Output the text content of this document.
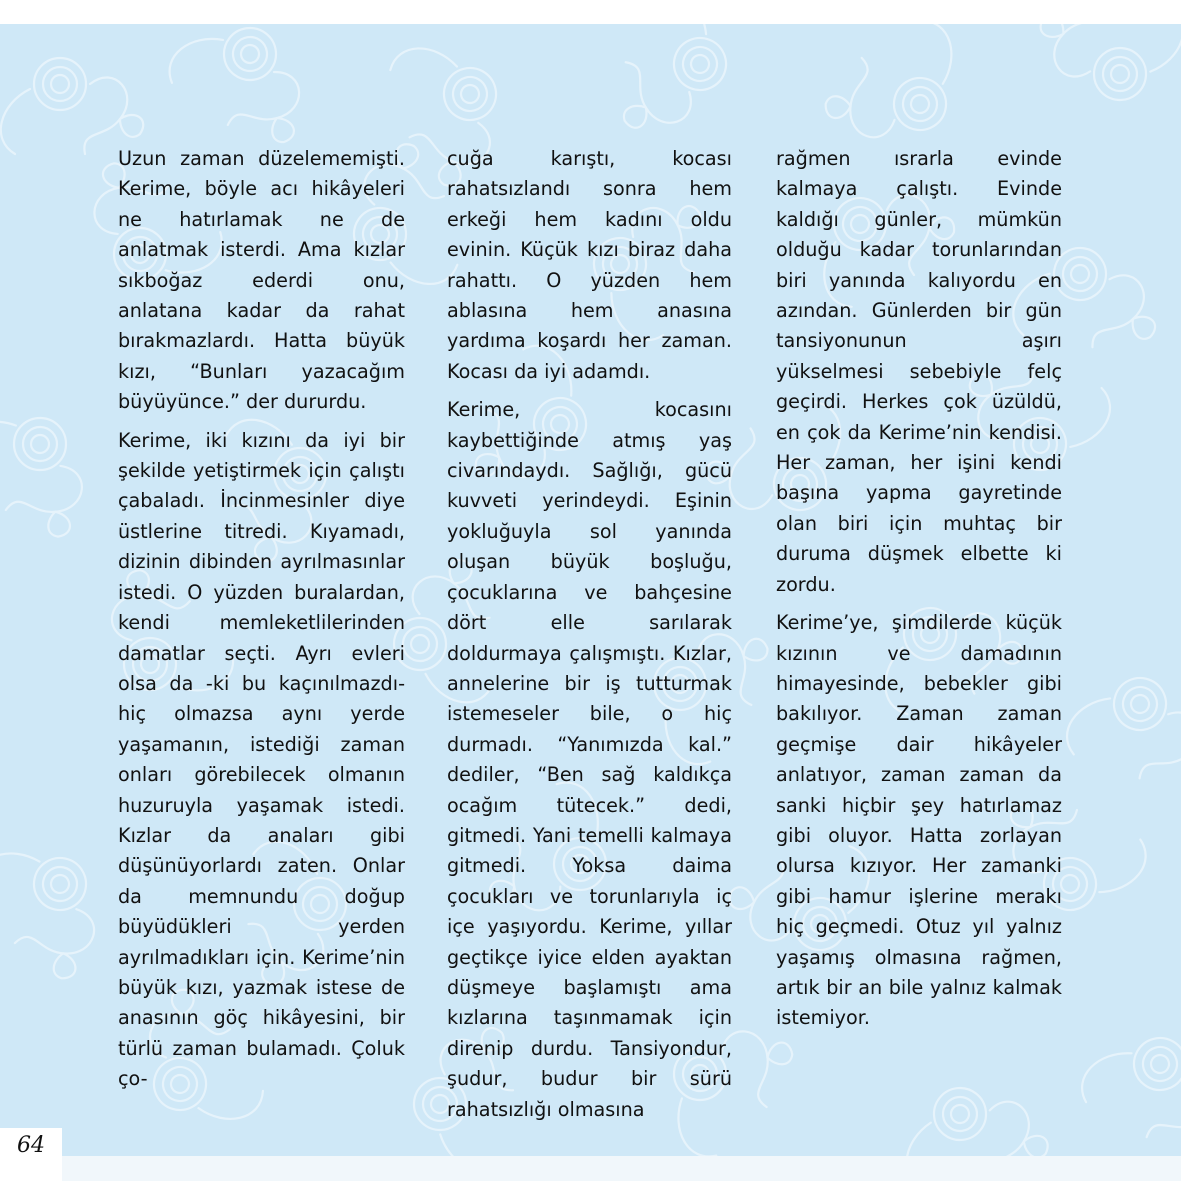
Uzun zaman düzelememişti. Kerime, böyle acı hikâyeleri ne hatırlamak ne de anlatmak isterdi. Ama kızlar sıkboğaz ederdi onu, anlatana kadar da rahat bırakmazlardı. Hatta büyük kızı, “Bunları yazacağım büyüyünce.” der dururdu.

Kerime, iki kızını da iyi bir şekilde yetiştirmek için çalıştı çabaladı. İncinmesinler diye üstlerine titredi. Kıyamadı, dizinin dibinden ayrılmasınlar istedi. O yüzden buralardan, kendi memleketlilerinden damatlar seçti. Ayrı evleri olsa da -ki bu kaçınılmazdı- hiç olmazsa aynı yerde yaşamanın, istediği zaman onları görebilecek olmanın huzuruyla yaşamak istedi. Kızlar da anaları gibi düşünüyorlardı zaten. Onlar da memnundu doğup büyüdükleri yerden ayrılmadıkları için. Kerime’nin büyük kızı, yazmak istese de anasının göç hikâyesini, bir türlü zaman bulamadı. Çoluk ço-

cuğa karıştı, kocası rahatsızlandı sonra hem erkeği hem kadını oldu evinin. Küçük kızı biraz daha rahattı. O yüzden hem ablasına hem anasına yardıma koşardı her zaman. Kocası da iyi adamdı.

Kerime, kocasını kaybettiğinde atmış yaş civarındaydı. Sağlığı, gücü kuvveti yerindeydi. Eşinin yokluğuyla sol yanında oluşan büyük boşluğu, çocuklarına ve bahçesine dört elle sarılarak doldurmaya çalışmıştı. Kızlar, annelerine bir iş tutturmak istemeseler bile, o hiç durmadı. “Yanımızda kal.” dediler, “Ben sağ kaldıkça ocağım tütecek.” dedi, gitmedi. Yani temelli kalmaya gitmedi. Yoksa daima çocukları ve torunlarıyla iç içe yaşıyordu. Kerime, yıllar geçtikçe iyice elden ayaktan düşmeye başlamıştı ama kızlarına taşınmamak için direnip durdu. Tansiyondur, şudur, budur bir sürü rahatsızlığı olmasına

rağmen ısrarla evinde kalmaya çalıştı. Evinde kaldığı günler, mümkün olduğu kadar torunlarından biri yanında kalıyordu en azından. Günlerden bir gün tansiyonunun aşırı yükselmesi sebebiyle felç geçirdi. Herkes çok üzüldü, en çok da Kerime’nin kendisi. Her zaman, her işini kendi başına yapma gayretinde olan biri için muhtaç bir duruma düşmek elbette ki zordu.

Kerime’ye, şimdilerde küçük kızının ve damadının himayesinde, bebekler gibi bakılıyor. Zaman zaman geçmişe dair hikâyeler anlatıyor, zaman zaman da sanki hiçbir şey hatırlamaz gibi oluyor. Hatta zorlayan olursa kızıyor. Her zamanki gibi hamur işlerine merakı hiç geçmedi. Otuz yıl yalnız yaşamış olmasına rağmen, artık bir an bile yalnız kalmak istemiyor.

64
